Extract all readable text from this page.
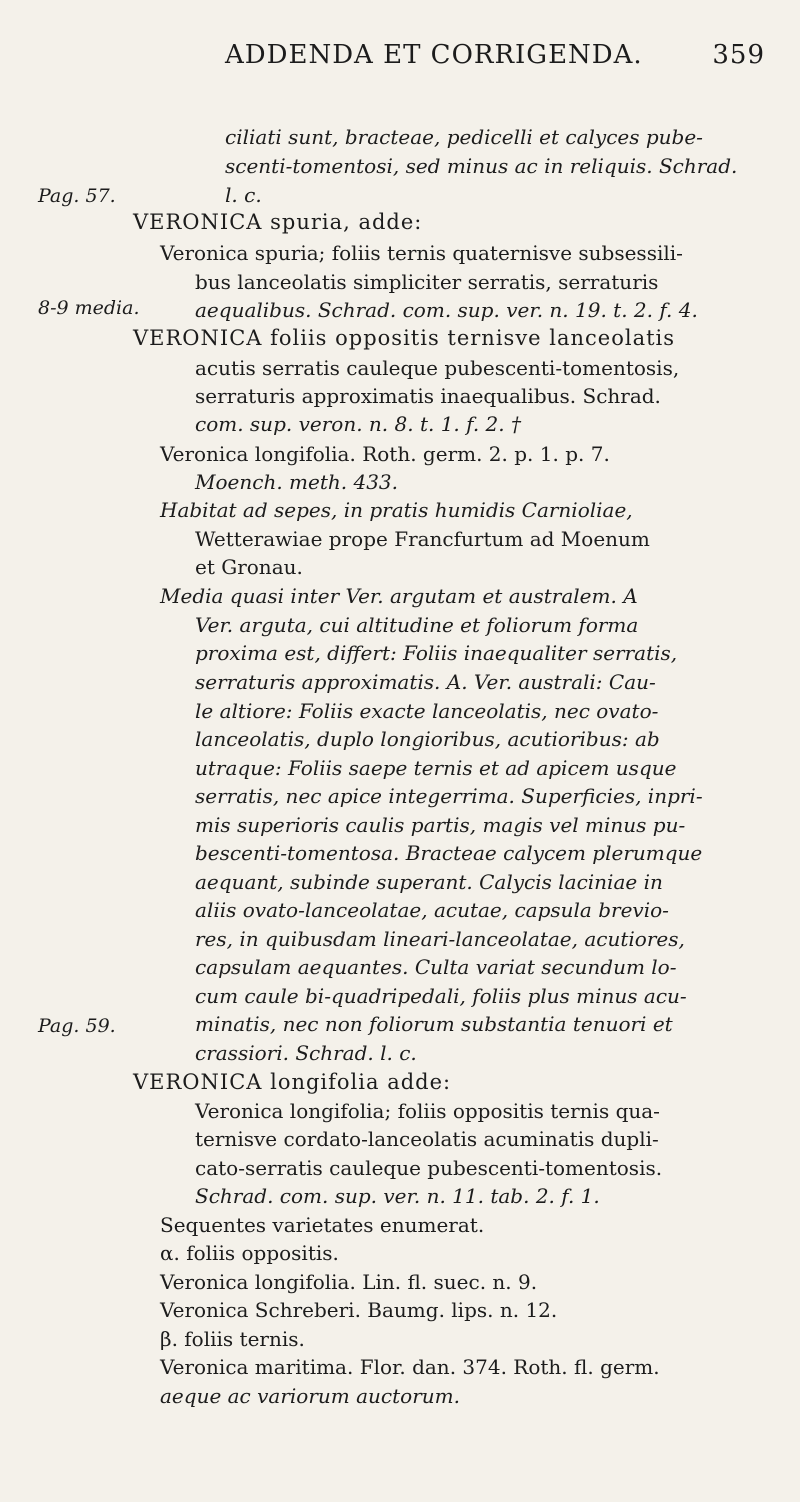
ADDENDA ET CORRIGENDA.	359
Pag. 57.
8-9 media.
Pag. 59.
ciliati sunt, bracteae, pedicelli et calyces pube-
scenti-tomentosi, sed minus ac in reliquis. Schrad.
l. c.
VERONICA spuria, adde:
Veronica spuria; foliis ternis quaternisve subsessili-
bus lanceolatis simpliciter serratis, serraturis
aequalibus. Schrad. com. sup. ver. n. 19. t. 2. f. 4.
VERONICA foliis oppositis ternisve lanceolatis
acutis serratis cauleque pubescenti-tomentosis,
serraturis approximatis inaequalibus. Schrad.
com. sup. veron. n. 8. t. 1. f. 2. †
Veronica longifolia. Roth. germ. 2. p. 1. p. 7.
Moench. meth. 433.
Habitat ad sepes, in pratis humidis Carnioliae,
Wetterawiae prope Francfurtum ad Moenum
et Gronau.
Media quasi inter Ver. argutam et australem. A
Ver. arguta, cui altitudine et foliorum forma
proxima est, differt: Foliis inaequaliter serratis,
serraturis approximatis. A. Ver. australi: Cau-
le altiore: Foliis exacte lanceolatis, nec ovato-
lanceolatis, duplo longioribus, acutioribus: ab
utraque: Foliis saepe ternis et ad apicem usque
serratis, nec apice integerrima. Superficies, inpri-
mis superioris caulis partis, magis vel minus pu-
bescenti-tomentosa. Bracteae calycem plerumque
aequant, subinde superant. Calycis laciniae in
aliis ovato-lanceolatae, acutae, capsula brevio-
res, in quibusdam lineari-lanceolatae, acutiores,
capsulam aequantes. Culta variat secundum lo-
cum caule bi-quadripedali, foliis plus minus acu-
minatis, nec non foliorum substantia tenuori et
crassiori. Schrad. l. c.
VERONICA longifolia adde:
Veronica longifolia; foliis oppositis ternis qua-
ternisve cordato-lanceolatis acuminatis dupli-
cato-serratis cauleque pubescenti-tomentosis.
Schrad. com. sup. ver. n. 11. tab. 2. f. 1.
Sequentes varietates enumerat.
α. foliis oppositis.
Veronica longifolia. Lin. fl. suec. n. 9.
Veronica Schreberi. Baumg. lips. n. 12.
β. foliis ternis.
Veronica maritima. Flor. dan. 374. Roth. fl. germ.
aeque ac variorum auctorum.
